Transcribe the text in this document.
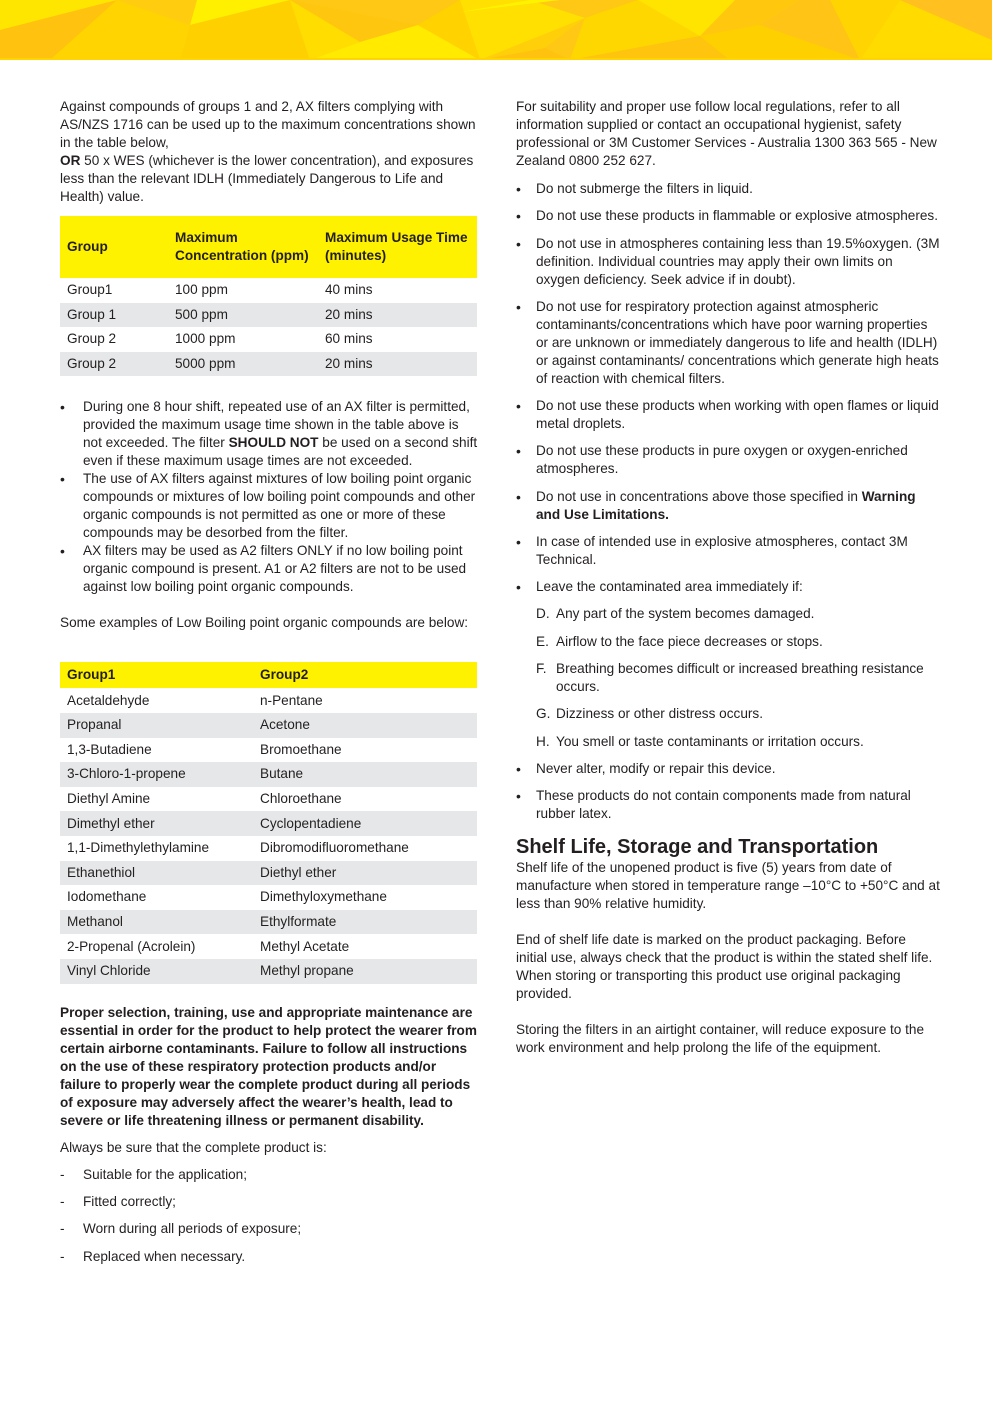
Against compounds of groups 1 and 2, AX filters complying with AS/NZS 1716 can be used up to the maximum concentrations shown in the table below,
OR 50 x WES (whichever is the lower concentration), and exposures less than the relevant IDLH (Immediately Dangerous to Life and Health) value.

Group	Maximum Concentration (ppm)	Maximum Usage Time (minutes)
Group1	100 ppm	40 mins
Group 1	500 ppm	20 mins
Group 2	1000 ppm	60 mins
Group 2	5000 ppm	20 mins
• During one 8 hour shift, repeated use of an AX filter is permitted, provided the maximum usage time shown in the table above is not exceeded. The filter SHOULD NOT be used on a second shift even if these maximum usage times are not exceeded.
• The use of AX filters against mixtures of low boiling point organic compounds or mixtures of low boiling point compounds and other organic compounds is not permitted as one or more of these compounds may be desorbed from the filter.
• AX filters may be used as A2 filters ONLY if no low boiling point organic compound is present. A1 or A2 filters are not to be used against low boiling point organic compounds.

Some examples of Low Boiling point organic compounds are below:

Group1	Group2
Acetaldehyde	n-Pentane
Propanal	Acetone
1,3-Butadiene	Bromoethane
3-Chloro-1-propene	Butane
Diethyl Amine	Chloroethane
Dimethyl ether	Cyclopentadiene
1,1-Dimethylethylamine	Dibromodifluoromethane
Ethanethiol	Diethyl ether
Iodomethane	Dimethyloxymethane
Methanol	Ethylformate
2-Propenal (Acrolein)	Methyl Acetate
Vinyl Chloride	Methyl propane

Proper selection, training, use and appropriate maintenance are essential in order for the product to help protect the wearer from certain airborne contaminants. Failure to follow all instructions on the use of these respiratory protection products and/or failure to properly wear the complete product during all periods of exposure may adversely affect the wearer’s health, lead to severe or life threatening illness or permanent disability.

Always be sure that the complete product is:

- Suitable for the application;
- Fitted correctly;
- Worn during all periods of exposure;
- Replaced when necessary.

For suitability and proper use follow local regulations, refer to all information supplied or contact an occupational hygienist, safety professional or 3M Customer Services - Australia 1300 363 565 - New Zealand 0800 252 627.

• Do not submerge the filters in liquid.
• Do not use these products in flammable or explosive atmospheres.
• Do not use in atmospheres containing less than 19.5%oxygen. (3M definition. Individual countries may apply their own limits on oxygen deficiency. Seek advice if in doubt).
• Do not use for respiratory protection against atmospheric contaminants/concentrations which have poor warning properties or are unknown or immediately dangerous to life and health (IDLH) or against contaminants/ concentrations which generate high heats of reaction with chemical filters.
• Do not use these products when working with open flames or liquid metal droplets.
• Do not use these products in pure oxygen or oxygen-enriched atmospheres.
• Do not use in concentrations above those specified in Warning and Use Limitations.
• In case of intended use in explosive atmospheres, contact 3M Technical.
• Leave the contaminated area immediately if:
D. Any part of the system becomes damaged.
E. Airflow to the face piece decreases or stops.
F. Breathing becomes difficult or increased breathing resistance occurs.
G. Dizziness or other distress occurs.
H. You smell or taste contaminants or irritation occurs.
• Never alter, modify or repair this device.
• These products do not contain components made from natural rubber latex.
Shelf Life, Storage and Transportation

Shelf life of the unopened product is five (5) years from date of manufacture when stored in temperature range –10°C to +50°C and at less than 90% relative humidity.

End of shelf life date is marked on the product packaging. Before initial use, always check that the product is within the stated shelf life. When storing or transporting this product use original packaging provided.

Storing the filters in an airtight container, will reduce exposure to the work environment and help prolong the life of the equipment.
